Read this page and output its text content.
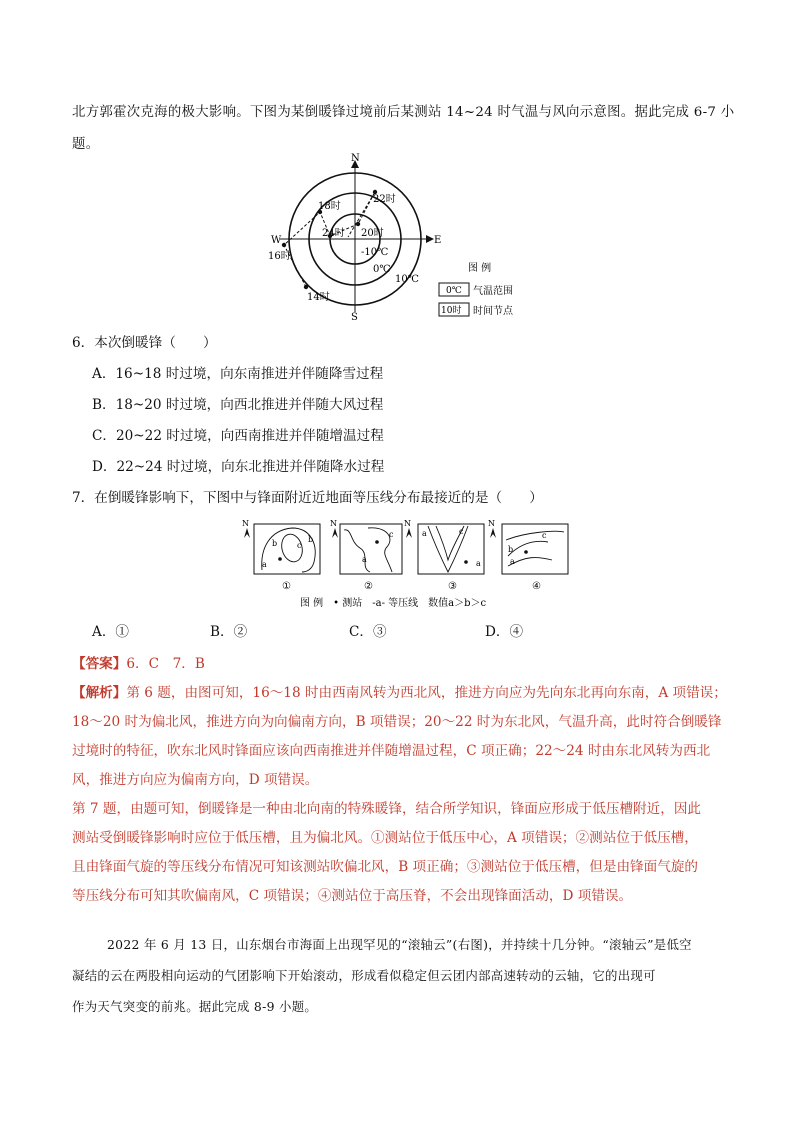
北方郭霍次克海的极大影响。下图为某倒暖锋过境前后某测站 14~24 时气温与风向示意图。据此完成 6-7 小
题。
N
S
E
W
14时
16时
18时
20时
22时
24时
-10℃
0℃
10℃
图 例
0℃ 气温范围
10时 时间节点
6．本次倒暖锋（　　）
A．16~18 时过境，向东南推进并伴随降雪过程
B．18~20 时过境，向西北推进并伴随大风过程
C．20~22 时过境，向西南推进并伴随增温过程
D．22~24 时过境，向东北推进并伴随降水过程
7．在倒暖锋影响下，下图中与锋面附近近地面等压线分布最接近的是（　　）
N
b	b
c
a
①
N
a
c
②
N
a
a
c
③
N
c
b
a
④
图 例　• 测站　-a- 等压线　数值a＞b＞c
A．①	B．②	C．③	D．④
【答案】6．C　7．B

【解析】第 6 题，由图可知，16～18 时由西南风转为西北风，推进方向应为先向东北再向东南，A 项错误；

18～20 时为偏北风，推进方向为向偏南方向，B 项错误；20～22 时为东北风，气温升高，此时符合倒暖锋

过境时的特征，吹东北风时锋面应该向西南推进并伴随增温过程，C 项正确；22～24 时由东北风转为西北

风，推进方向应为偏南方向，D 项错误。

第 7 题，由题可知，倒暖锋是一种由北向南的特殊暖锋，结合所学知识，锋面应形成于低压槽附近，因此

测站受倒暖锋影响时应位于低压槽，且为偏北风。①测站位于低压中心，A 项错误；②测站位于低压槽，

且由锋面气旋的等压线分布情况可知该测站吹偏北风，B 项正确；③测站位于低压槽，但是由锋面气旋的

等压线分布可知其吹偏南风，C 项错误；④测站位于高压脊，不会出现锋面活动，D 项错误。

2022 年 6 月 13 日，山东烟台市海面上出现罕见的“滚轴云”(右图)，并持续十几分钟。“滚轴云”是低空
凝结的云在两股相向运动的气团影响下开始滚动，形成看似稳定但云团内部高速转动的云轴，它的出现可
作为天气突变的前兆。据此完成 8-9 小题。
